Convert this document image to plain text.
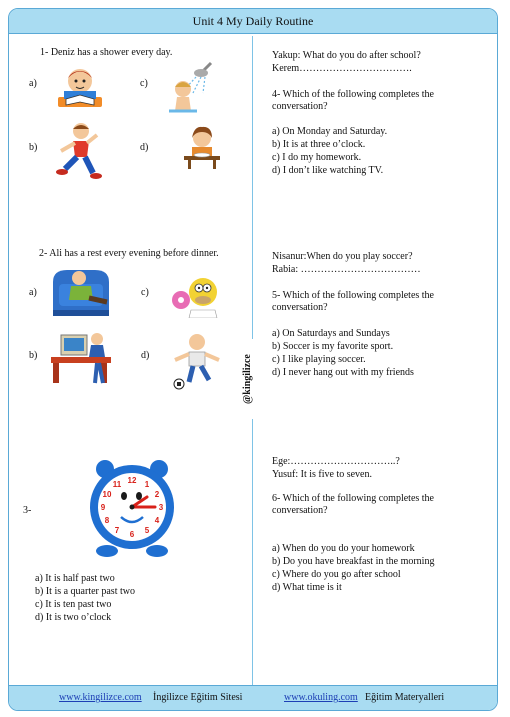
Unit 4 My Daily Routine
@kingilizce
1- Deniz has a shower every day.
a)
b)
c)
d)
2- Ali has a rest every evening before dinner.
a)
b)
c)
d)
3-
12 1
2
3
4
5
6
7
8
9
10
11
a) It is half past two
b) It is a quarter past two
c) It is ten past two
d) It is two o’clock
Yakup: What do you do after school?
Kerem…………………………….
4- Which of the following completes the
conversation?
a) On Monday and Saturday.
b) It is at three o’clock.
c) I do my homework.
d) I don’t like watching TV.
Nisanur:When do you play soccer?
Rabia: ………………………………
5- Which of the following completes the
conversation?
a) On Saturdays and Sundays
b) Soccer is my favorite sport.
c) I like playing soccer.
d) I never hang out with my friends
Ege:…………………………..?
Yusuf: It is five to seven.
6- Which of the following completes the
conversation?
a) When do you do your homework
b) Do you have breakfast in the morning
c) Where do you go after school
d) What time is it
www.kingilizce.com İngilizce Eğitim Sitesi	www.okuling.com Eğitim Materyalleri
